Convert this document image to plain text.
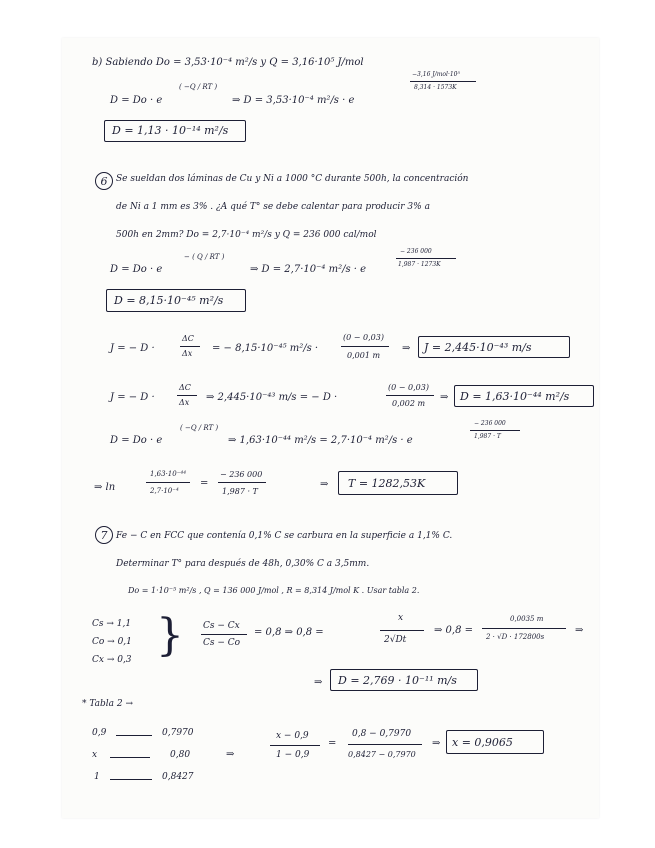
b) Sabiendo Do = 3,53·10⁻⁴ m²/s y Q = 3,16·10⁵ J/mol
D = Do · e
( −Q / RT )
⇒ D = 3,53·10⁻⁴ m²/s · e
−3,16 J/mol·10⁵
8,314 · 1573K
D = 1,13 · 10⁻¹⁴ m²/s
6 Se sueldan dos láminas de Cu y Ni a 1000 °C durante 500h, la concentración
de Ni a 1 mm es 3% . ¿A qué T° se debe calentar para producir 3% a
500h en 2mm? Do = 2,7·10⁻⁴ m²/s y Q = 236 000 cal/mol
D = Do · e
− ( Q / RT )
⇒ D = 2,7·10⁻⁴ m²/s · e
− 236 000
1,987 · 1273K
D = 8,15·10⁻⁴⁵ m²/s
J = − D ·
ΔC
Δx = − 8,15·10⁻⁴⁵ m²/s ·
(0 − 0,03)
0,001 m
⇒ J = 2,445·10⁻⁴³ m/s
J = − D ·
ΔC
Δx ⇒ 2,445·10⁻⁴³ m/s = − D ·
(0 − 0,03)
0,002 m
⇒ D = 1,63·10⁻⁴⁴ m²/s
D = Do · e
( −Q / RT )
⇒ 1,63·10⁻⁴⁴ m²/s = 2,7·10⁻⁴ m²/s · e
− 236 000
1,987 · T
⇒ ln
1,63·10⁻⁴⁴
2,7·10⁻⁴
=
− 236 000
1,987 · T
⇒ T = 1282,53K
7 Fe − C en FCC que contenía 0,1% C se carbura en la superficie a 1,1% C.
Determinar T° para después de 48h, 0,30% C a 3,5mm.
Do = 1·10⁻⁵ m²/s , Q = 136 000 J/mol , R = 8,314 J/mol K . Usar tabla 2.
Cs → 1,1
Co → 0,1
Cx → 0,3 } Cs − Cx
Cs − Co
= 0,8 ⇒ 0,8 =
x
2√Dt
⇒ 0,8 =
0,0035 m
2 · √D · 172800s
⇒
⇒ D = 2,769 · 10⁻¹¹ m/s
* Tabla 2 →
0,9	0,7970
x	0,80
1	0,8427
⇒
x − 0,9
1 − 0,9
=
0,8 − 0,7970
0,8427 − 0,7970
⇒ x = 0,9065
